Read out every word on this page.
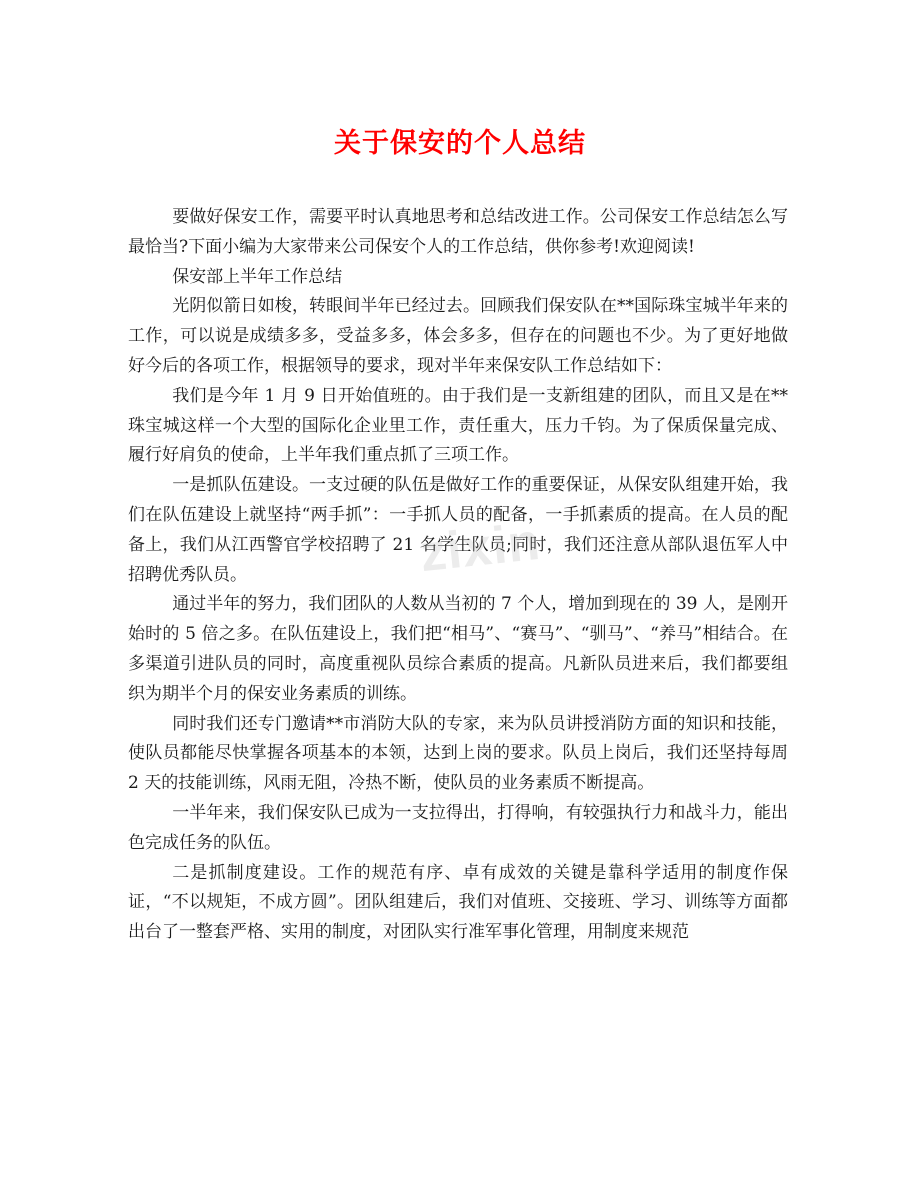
关于保安的个人总结

要做好保安工作，需要平时认真地思考和总结改进工作。公司保安工作总结怎么写最恰当?下面小编为大家带来公司保安个人的工作总结，供你参考!欢迎阅读!

保安部上半年工作总结

光阴似箭日如梭，转眼间半年已经过去。回顾我们保安队在**国际珠宝城半年来的工作，可以说是成绩多多，受益多多，体会多多，但存在的问题也不少。为了更好地做好今后的各项工作，根据领导的要求，现对半年来保安队工作总结如下：

我们是今年 1 月 9 日开始值班的。由于我们是一支新组建的团队，而且又是在**珠宝城这样一个大型的国际化企业里工作，责任重大，压力千钧。为了保质保量完成、履行好肩负的使命，上半年我们重点抓了三项工作。

一是抓队伍建设。一支过硬的队伍是做好工作的重要保证，从保安队组建开始，我们在队伍建设上就坚持“两手抓”：一手抓人员的配备，一手抓素质的提高。在人员的配备上，我们从江西警官学校招聘了 21 名学生队员;同时，我们还注意从部队退伍军人中招聘优秀队员。

通过半年的努力，我们团队的人数从当初的 7 个人，增加到现在的 39 人，是刚开始时的 5 倍之多。在队伍建设上，我们把“相马”、“赛马”、“驯马”、“养马”相结合。在多渠道引进队员的同时，高度重视队员综合素质的提高。凡新队员进来后，我们都要组织为期半个月的保安业务素质的训练。

同时我们还专门邀请**市消防大队的专家，来为队员讲授消防方面的知识和技能，使队员都能尽快掌握各项基本的本领，达到上岗的要求。队员上岗后，我们还坚持每周 2 天的技能训练，风雨无阻，冷热不断，使队员的业务素质不断提高。

一半年来，我们保安队已成为一支拉得出，打得响，有较强执行力和战斗力，能出色完成任务的队伍。

二是抓制度建设。工作的规范有序、卓有成效的关键是靠科学适用的制度作保证，“不以规矩，不成方圆”。团队组建后，我们对值班、交接班、学习、训练等方面都出台了一整套严格、实用的制度，对团队实行准军事化管理，用制度来规范

zixin
